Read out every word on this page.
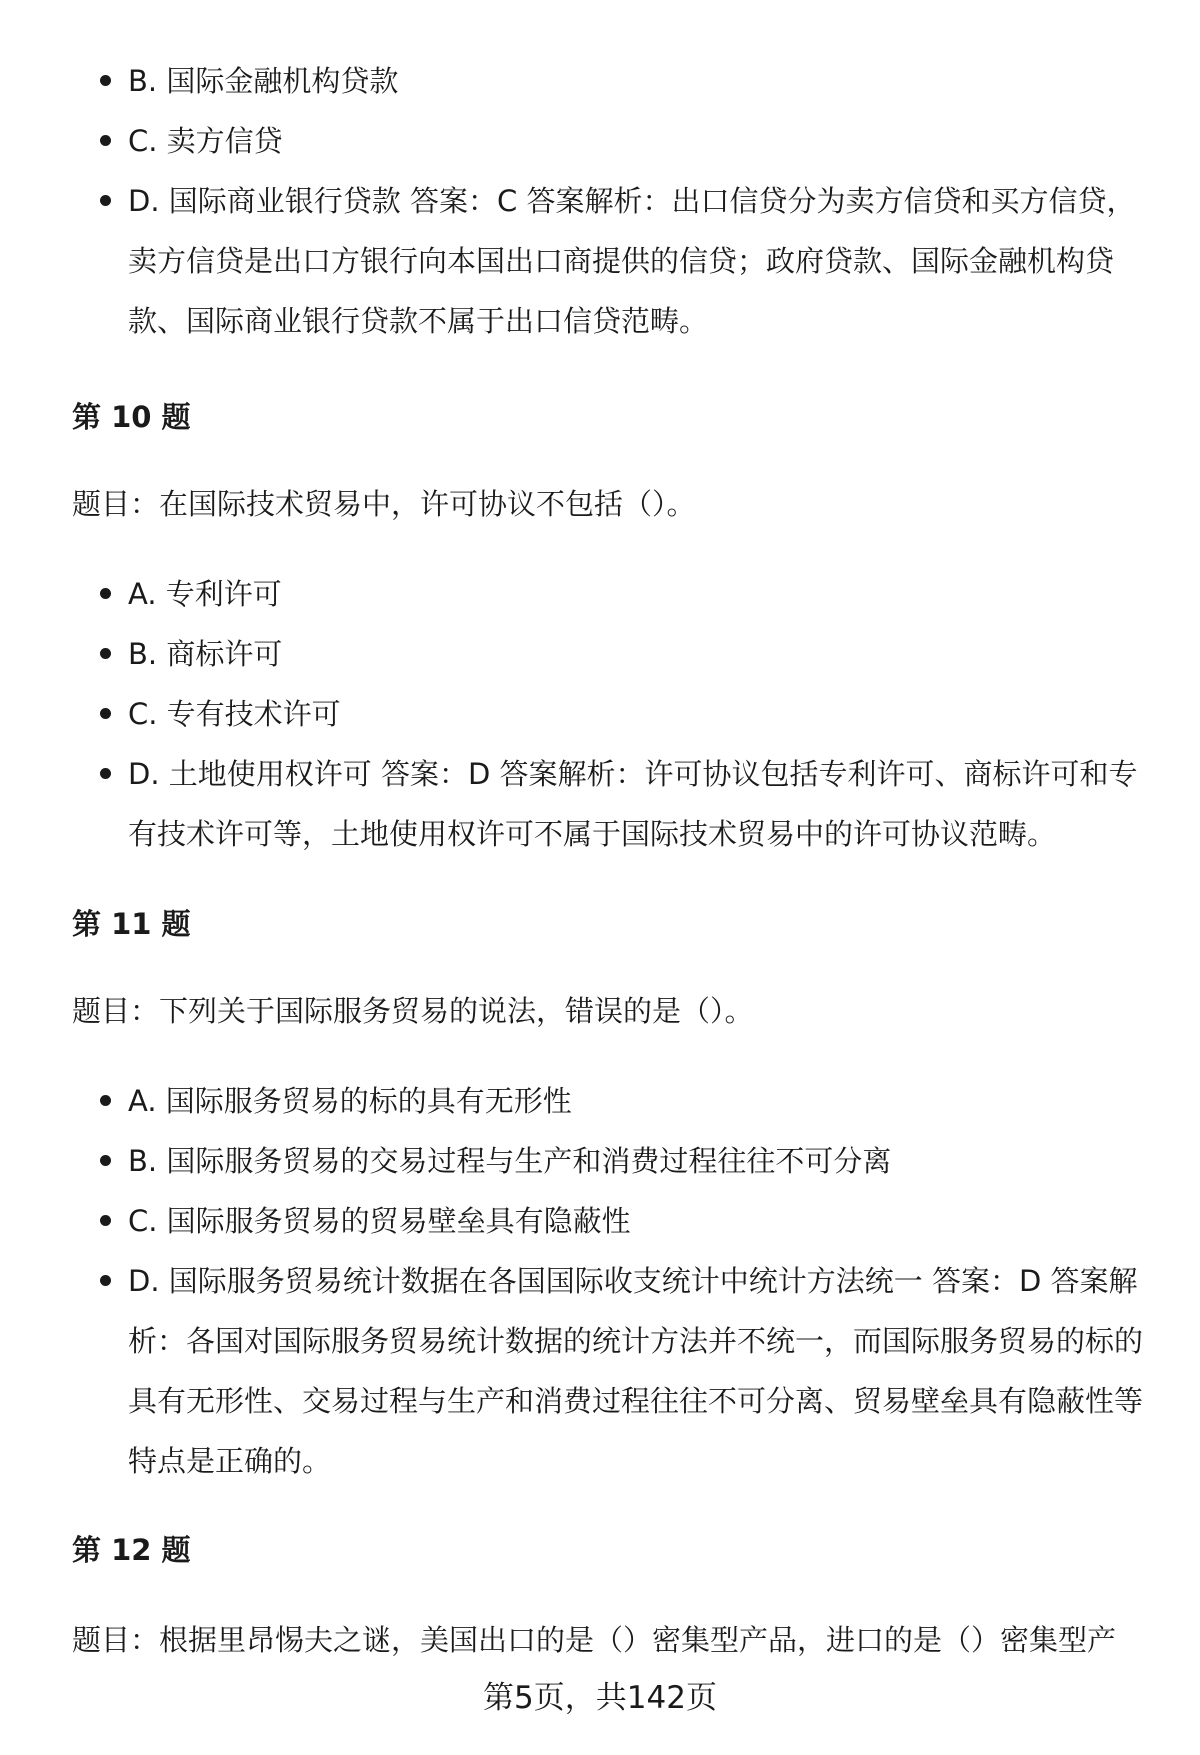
B. 国际金融机构贷款
C. 卖方信贷
D. 国际商业银行贷款 答案：C 答案解析：出口信贷分为卖方信贷和买方信贷，卖方信贷是出口方银行向本国出口商提供的信贷；政府贷款、国际金融机构贷款、国际商业银行贷款不属于出口信贷范畴。
第 10 题
题目：在国际技术贸易中，许可协议不包括（）。
A. 专利许可
B. 商标许可
C. 专有技术许可
D. 土地使用权许可 答案：D 答案解析：许可协议包括专利许可、商标许可和专有技术许可等，土地使用权许可不属于国际技术贸易中的许可协议范畴。
第 11 题
题目：下列关于国际服务贸易的说法，错误的是（）。
A. 国际服务贸易的标的具有无形性
B. 国际服务贸易的交易过程与生产和消费过程往往不可分离
C. 国际服务贸易的贸易壁垒具有隐蔽性
D. 国际服务贸易统计数据在各国国际收支统计中统计方法统一 答案：D 答案解析：各国对国际服务贸易统计数据的统计方法并不统一，而国际服务贸易的标的具有无形性、交易过程与生产和消费过程往往不可分离、贸易壁垒具有隐蔽性等特点是正确的。
第 12 题
题目：根据里昂惕夫之谜，美国出口的是（）密集型产品，进口的是（）密集型产
第5页，共142页
